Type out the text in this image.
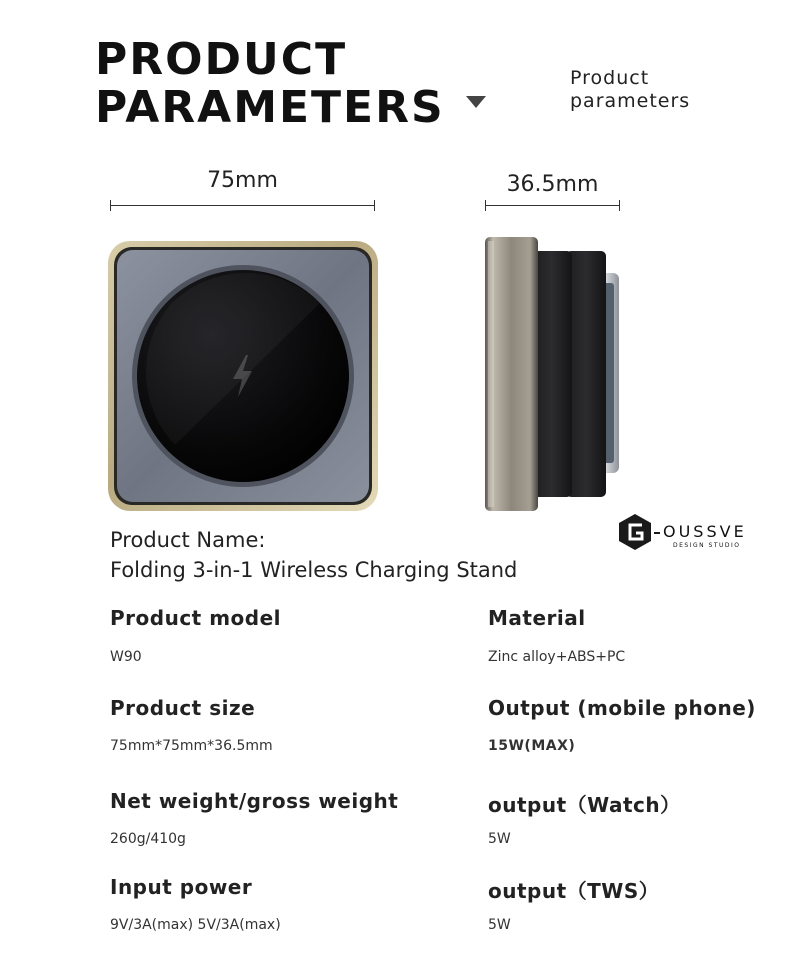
PRODUCT
PARAMETERS
Product
parameters
75mm	36.5mm
OUSSVE
DESIGN STUDIO
Product Name:
Folding 3-in-1 Wireless Charging Stand
Product model
W90
Product size
75mm*75mm*36.5mm
Net weight/gross weight
260g/410g
Input power
9V/3A(max) 5V/3A(max)
Material
Zinc alloy+ABS+PC
Output (mobile phone)
15W(MAX)
output（Watch）
5W
output（TWS）
5W
